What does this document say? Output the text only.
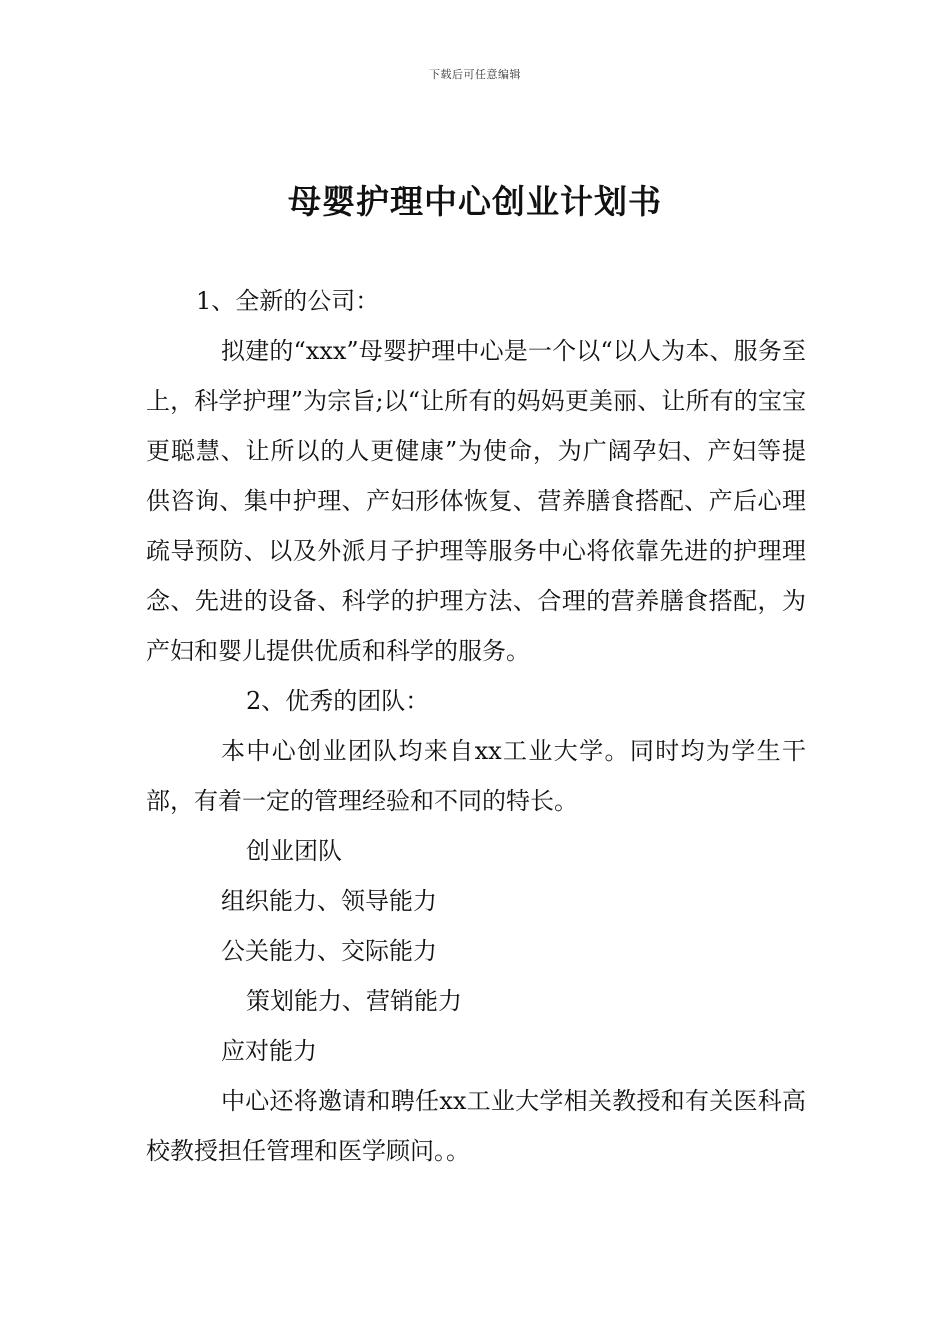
下载后可任意编辑
母婴护理中心创业计划书

1、全新的公司：

拟建的“xxx”母婴护理中心是一个以“以人为本、服务至上，科学护理”为宗旨;以“让所有的妈妈更美丽、让所有的宝宝更聪慧、让所以的人更健康”为使命，为广阔孕妇、产妇等提供咨询、集中护理、产妇形体恢复、营养膳食搭配、产后心理疏导预防、以及外派月子护理等服务中心将依靠先进的护理理念、先进的设备、科学的护理方法、合理的营养膳食搭配，为产妇和婴儿提供优质和科学的服务。

2、优秀的团队：

本中心创业团队均来自xx工业大学。同时均为学生干部，有着一定的管理经验和不同的特长。

创业团队

组织能力、领导能力

公关能力、交际能力

策划能力、营销能力

应对能力

中心还将邀请和聘任xx工业大学相关教授和有关医科高校教授担任管理和医学顾问。。
